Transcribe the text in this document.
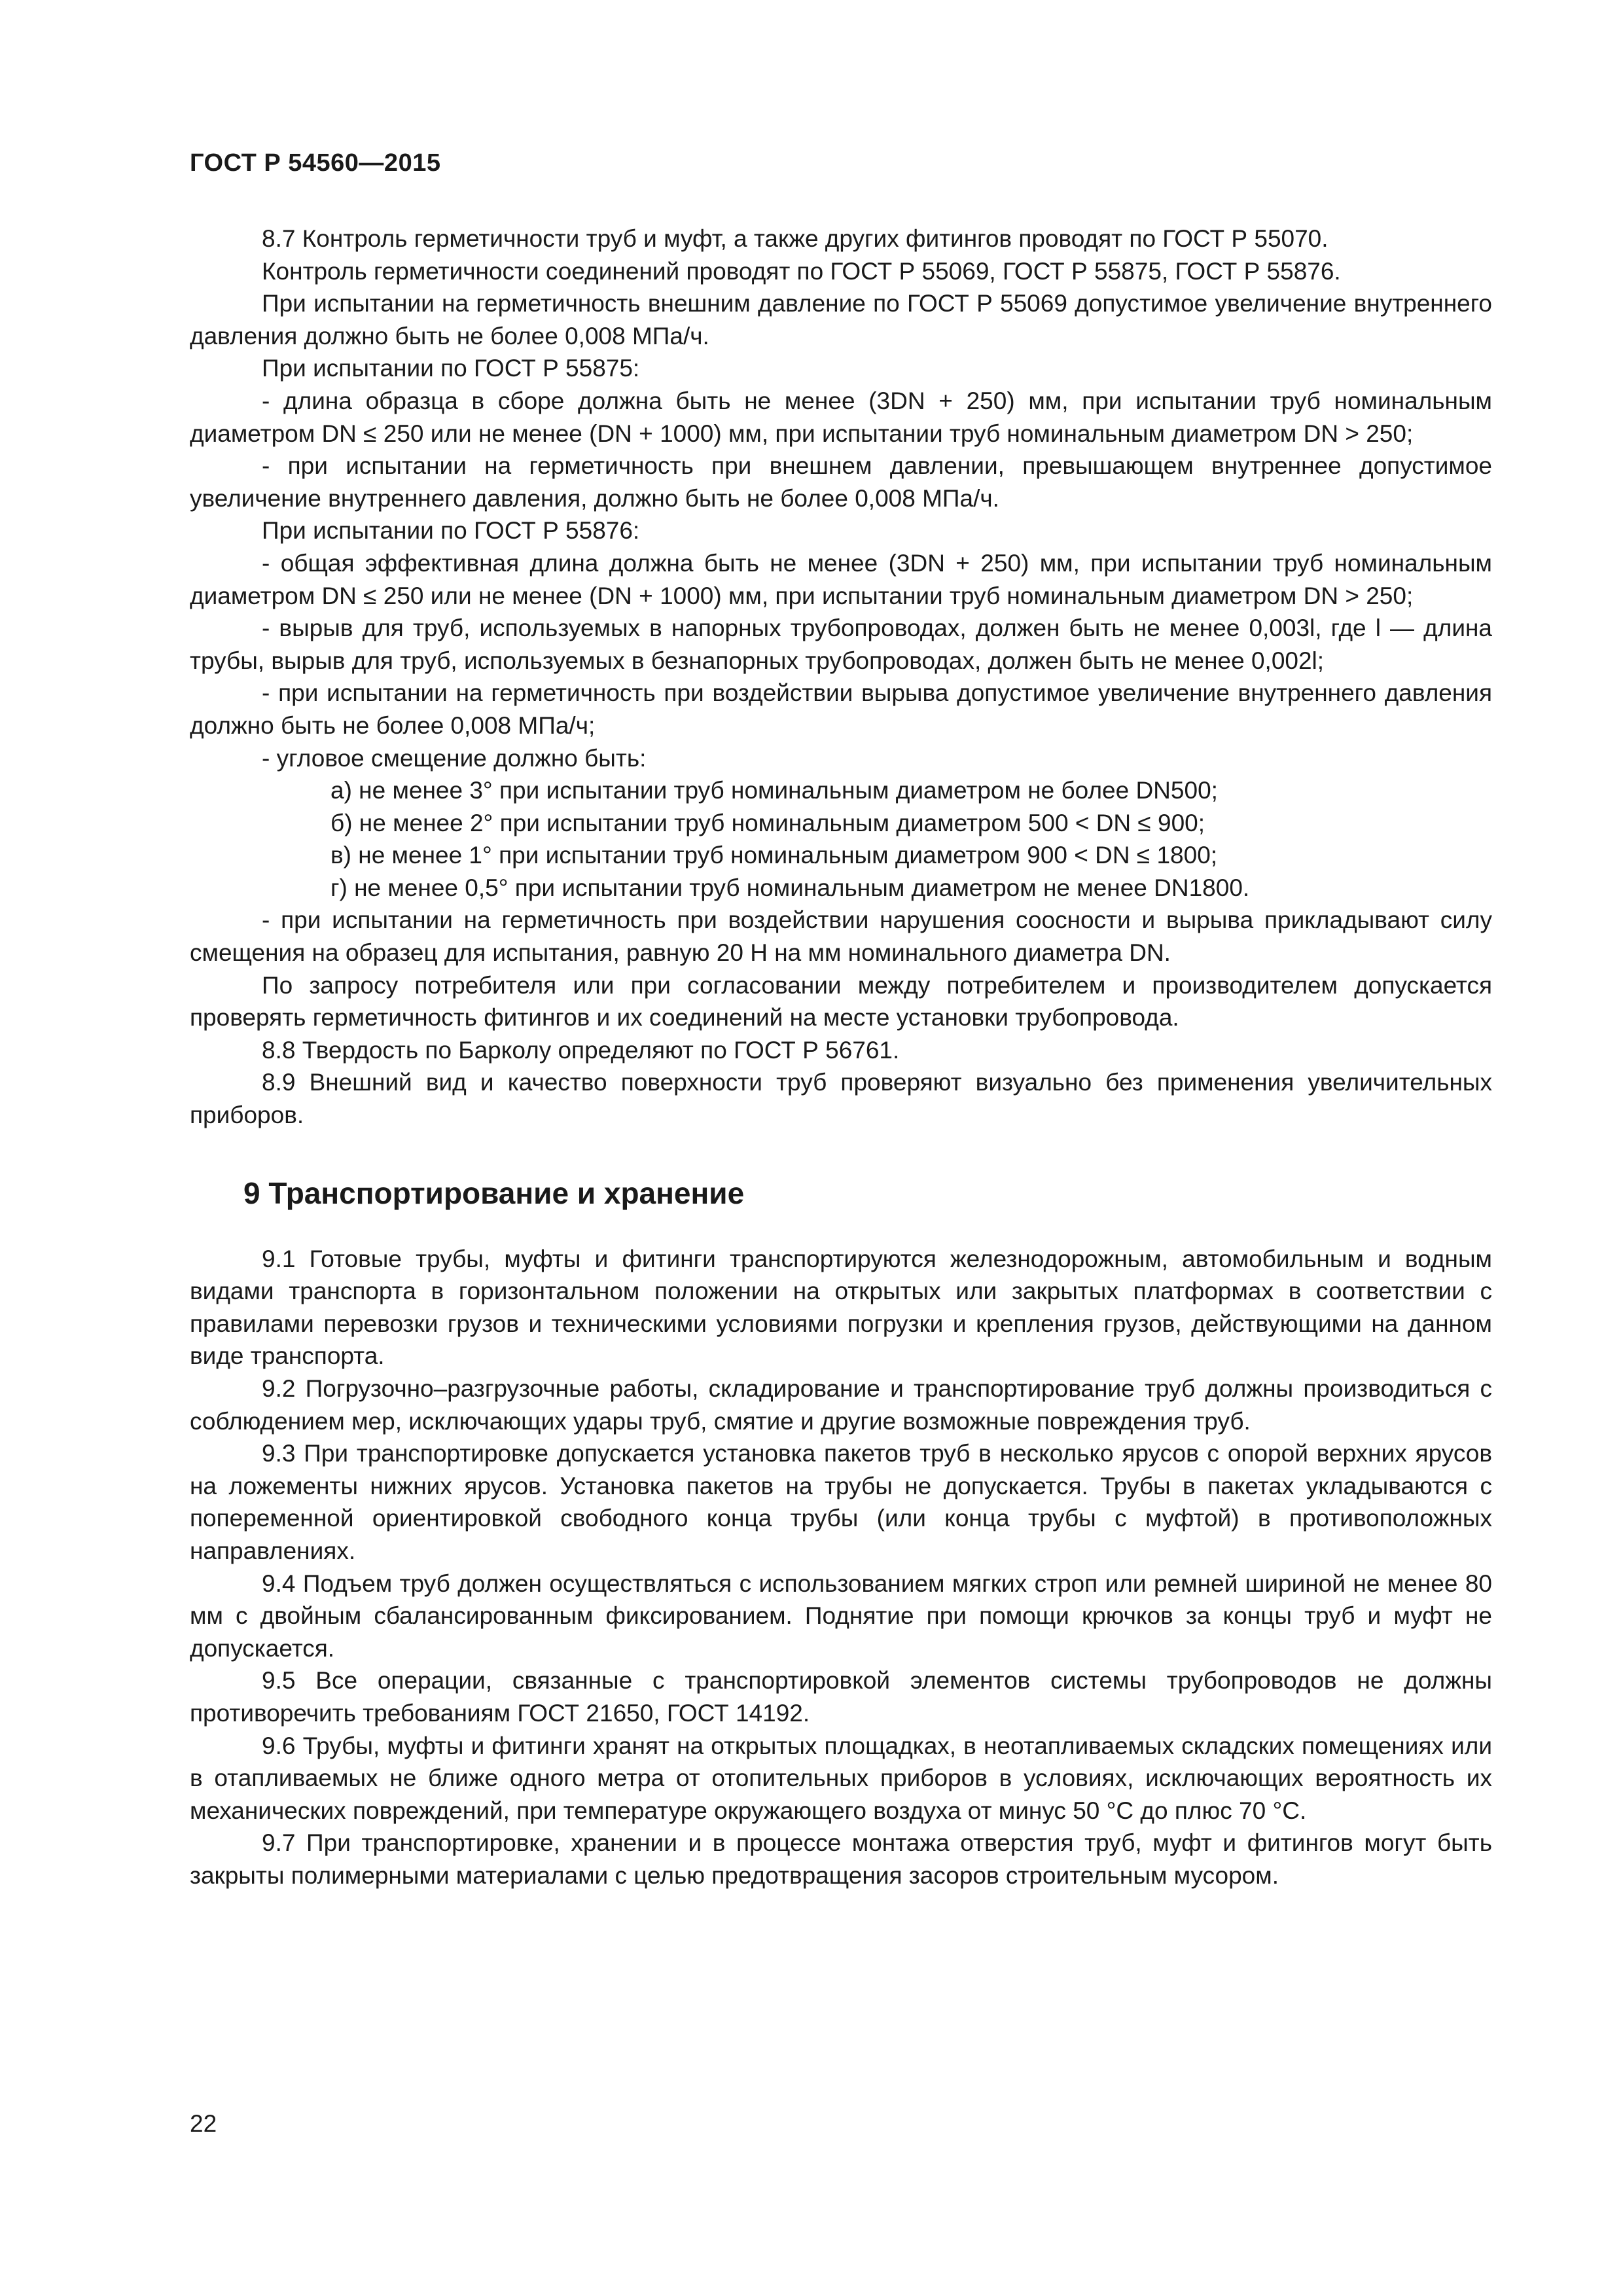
ГОСТ Р 54560—2015

8.7 Контроль герметичности труб и муфт, а также других фитингов проводят по ГОСТ Р 55070.

Контроль герметичности соединений проводят по ГОСТ Р 55069, ГОСТ Р 55875, ГОСТ Р 55876.

При испытании на герметичность внешним давление по ГОСТ Р 55069 допустимое увеличение внутреннего давления должно быть не более 0,008 МПа/ч.

При испытании по ГОСТ Р 55875:

- длина образца в сборе должна быть не менее (3DN + 250) мм, при испытании труб номинальным диаметром DN ≤ 250 или не менее (DN + 1000) мм, при испытании труб номинальным диаметром DN > 250;

- при испытании на герметичность при внешнем давлении, превышающем внутреннее допустимое увеличение внутреннего давления, должно быть не более 0,008 МПа/ч.

При испытании по ГОСТ Р 55876:

- общая эффективная длина должна быть не менее (3DN + 250) мм, при испытании труб номинальным диаметром DN ≤ 250 или не менее (DN + 1000) мм, при испытании труб номинальным диаметром DN > 250;

- вырыв для труб, используемых в напорных трубопроводах, должен быть не менее 0,003l, где l — длина трубы, вырыв для труб, используемых в безнапорных трубопроводах, должен быть не менее 0,002l;

- при испытании на герметичность при воздействии вырыва допустимое увеличение внутреннего давления должно быть не более 0,008 МПа/ч;

- угловое смещение должно быть:

а) не менее 3° при испытании труб номинальным диаметром не более DN500;

б) не менее 2° при испытании труб номинальным диаметром 500 < DN ≤ 900;

в) не менее 1° при испытании труб номинальным диаметром 900 < DN ≤ 1800;

г) не менее 0,5° при испытании труб номинальным диаметром не менее DN1800.

- при испытании на герметичность при воздействии нарушения соосности и вырыва прикладывают силу смещения на образец для испытания, равную 20 Н на мм номинального диаметра DN.

По запросу потребителя или при согласовании между потребителем и производителем допускается проверять герметичность фитингов и их соединений на месте установки трубопровода.

8.8 Твердость по Барколу определяют по ГОСТ Р 56761.

8.9 Внешний вид и качество поверхности труб проверяют визуально без применения увеличительных приборов.

9 Транспортирование и хранение

9.1 Готовые трубы, муфты и фитинги транспортируются железнодорожным, автомобильным и водным видами транспорта в горизонтальном положении на открытых или закрытых платформах в соответствии с правилами перевозки грузов и техническими условиями погрузки и крепления грузов, действующими на данном виде транспорта.

9.2 Погрузочно–разгрузочные работы, складирование и транспортирование труб должны производиться с соблюдением мер, исключающих удары труб, смятие и другие возможные повреждения труб.

9.3 При транспортировке допускается установка пакетов труб в несколько ярусов с опорой верхних ярусов на ложементы нижних ярусов. Установка пакетов на трубы не допускается. Трубы в пакетах укладываются с попеременной ориентировкой свободного конца трубы (или конца трубы с муфтой) в противоположных направлениях.

9.4 Подъем труб должен осуществляться с использованием мягких строп или ремней шириной не менее 80 мм с двойным сбалансированным фиксированием. Поднятие при помощи крючков за концы труб и муфт не допускается.

9.5 Все операции, связанные с транспортировкой элементов системы трубопроводов не должны противоречить требованиям ГОСТ 21650, ГОСТ 14192.

9.6 Трубы, муфты и фитинги хранят на открытых площадках, в неотапливаемых складских помещениях или в отапливаемых не ближе одного метра от отопительных приборов в условиях, исключающих вероятность их механических повреждений, при температуре окружающего воздуха от минус 50 °С до плюс 70 °С.

9.7 При транспортировке, хранении и в процессе монтажа отверстия труб, муфт и фитингов могут быть закрыты полимерными материалами с целью предотвращения засоров строительным мусором.

22
